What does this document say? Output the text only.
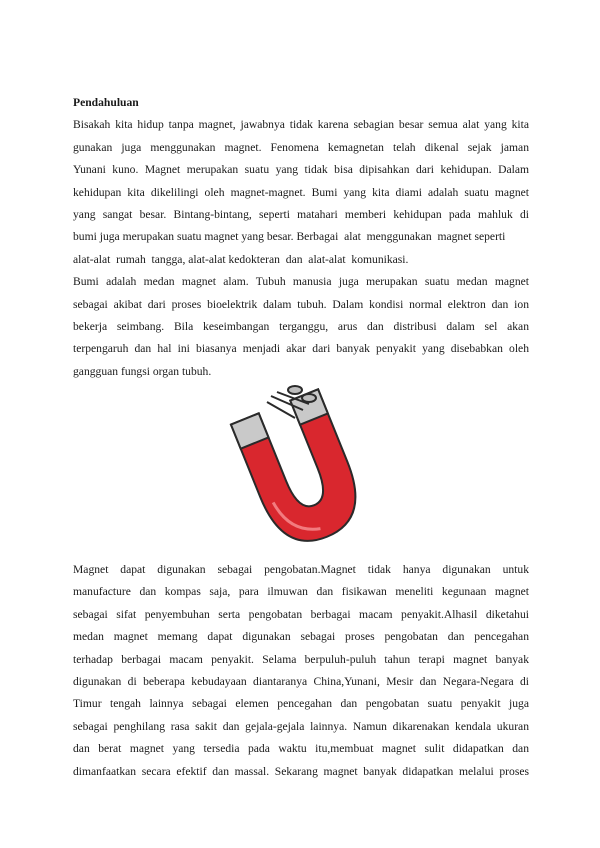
Pendahuluan
Bisakah kita hidup tanpa magnet, jawabnya tidak karena sebagian besar semua alat yang kita
gunakan juga menggunakan magnet. Fenomena kemagnetan telah dikenal sejak jaman
Yunani kuno. Magnet merupakan suatu yang tidak bisa dipisahkan dari kehidupan. Dalam
kehidupan kita dikelilingi oleh magnet-magnet. Bumi yang kita diami adalah suatu magnet
yang sangat besar. Bintang-bintang, seperti matahari memberi kehidupan pada mahluk di
bumi juga merupakan suatu magnet yang besar. Berbagai  alat  menggunakan  magnet seperti
alat-alat  rumah  tangga, alat-alat kedokteran  dan  alat-alat  komunikasi.
Bumi adalah medan magnet alam. Tubuh manusia juga merupakan suatu medan magnet
sebagai akibat dari proses bioelektrik dalam tubuh. Dalam kondisi normal elektron dan ion
bekerja seimbang. Bila keseimbangan terganggu, arus dan distribusi dalam sel akan
terpengaruh dan hal ini biasanya menjadi akar dari banyak penyakit yang disebabkan oleh
gangguan fungsi organ tubuh.
Magnet dapat digunakan sebagai pengobatan.Magnet tidak hanya digunakan untuk
manufacture dan kompas saja, para ilmuwan dan fisikawan meneliti kegunaan magnet
sebagai sifat penyembuhan serta pengobatan berbagai macam penyakit.Alhasil diketahui
medan magnet memang dapat digunakan sebagai proses pengobatan dan pencegahan
terhadap berbagai macam penyakit. Selama berpuluh-puluh tahun terapi magnet banyak
digunakan di beberapa kebudayaan diantaranya China,Yunani, Mesir dan Negara-Negara di
Timur tengah lainnya sebagai elemen pencegahan dan pengobatan suatu penyakit juga
sebagai penghilang rasa sakit dan gejala-gejala lainnya. Namun dikarenakan kendala ukuran
dan berat magnet yang tersedia pada waktu itu,membuat magnet sulit didapatkan dan
dimanfaatkan secara efektif dan massal. Sekarang magnet banyak didapatkan melalui proses
